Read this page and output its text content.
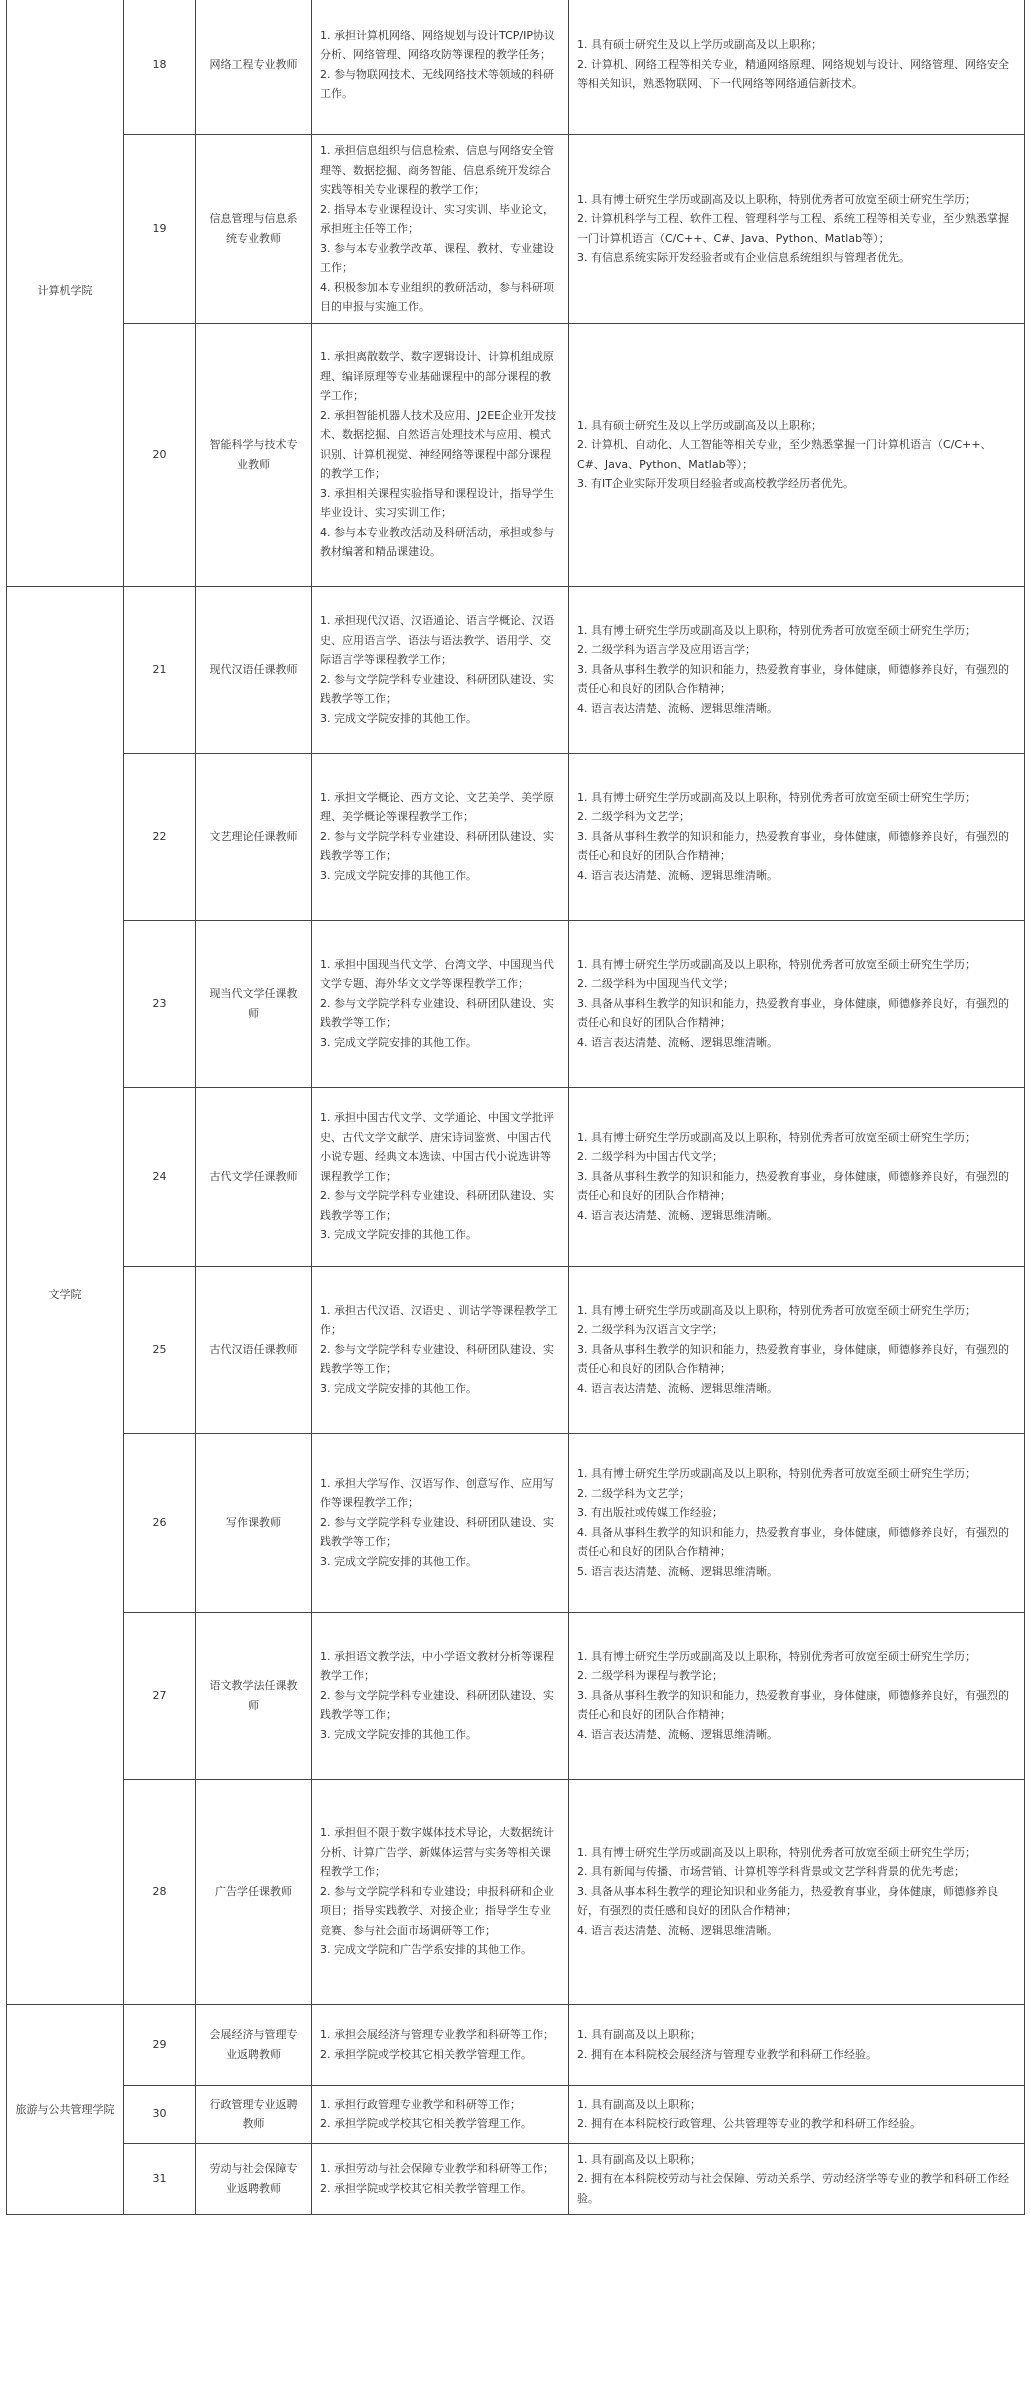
计算机学院	18	网络工程专业教师	1. 承担计算机网络、网络规划与设计TCP/IP协议分析、网络管理、网络攻防等课程的教学任务；
2. 参与物联网技术、无线网络技术等领域的科研工作。	1. 具有硕士研究生及以上学历或副高及以上职称；
2. 计算机、网络工程等相关专业，精通网络原理、网络规划与设计、网络管理、网络安全等相关知识，熟悉物联网、下一代网络等网络通信新技术。

	19	信息管理与信息系统专业教师	1. 承担信息组织与信息检索、信息与网络安全管理等、数据挖掘、商务智能、信息系统开发综合实践等相关专业课程的教学工作；
2. 指导本专业课程设计、实习实训、毕业论文，承担班主任等工作；
3. 参与本专业教学改革、课程、教材、专业建设工作；
4. 积极参加本专业组织的教研活动，参与科研项目的申报与实施工作。	1. 具有博士研究生学历或副高及以上职称，特别优秀者可放宽至硕士研究生学历；
2. 计算机科学与工程、软件工程、管理科学与工程、系统工程等相关专业，至少熟悉掌握一门计算机语言（C/C++、C#、Java、Python、Matlab等）；
3. 有信息系统实际开发经验者或有企业信息系统组织与管理者优先。

	20	智能科学与技术专业教师	1. 承担离散数学、数字逻辑设计、计算机组成原理、编译原理等专业基础课程中的部分课程的教学工作；
2. 承担智能机器人技术及应用、J2EE企业开发技术、数据挖掘、自然语言处理技术与应用、模式识别、计算机视觉、神经网络等课程中部分课程的教学工作；
3. 承担相关课程实验指导和课程设计，指导学生毕业设计、实习实训工作；
4. 参与本专业教改活动及科研活动，承担或参与教材编著和精品课建设。	1. 具有硕士研究生及以上学历或副高及以上职称；
2. 计算机、自动化、人工智能等相关专业，至少熟悉掌握一门计算机语言（C/C++、C#、Java、Python、Matlab等）；
3. 有IT企业实际开发项目经验者或高校教学经历者优先。

文学院	21	现代汉语任课教师	1. 承担现代汉语、汉语通论、语言学概论、汉语史、应用语言学、语法与语法教学、语用学、交际语言学等课程教学工作；
2. 参与文学院学科专业建设、科研团队建设、实践教学等工作；
3. 完成文学院安排的其他工作。	1. 具有博士研究生学历或副高及以上职称，特别优秀者可放宽至硕士研究生学历；
2. 二级学科为语言学及应用语言学；
3. 具备从事科生教学的知识和能力，热爱教育事业，身体健康，师德修养良好，有强烈的责任心和良好的团队合作精神；
4. 语言表达清楚、流畅、逻辑思维清晰。

	22	文艺理论任课教师	1. 承担文学概论、西方文论、文艺美学、美学原理、美学概论等课程教学工作；
2. 参与文学院学科专业建设、科研团队建设、实践教学等工作；
3. 完成文学院安排的其他工作。	1. 具有博士研究生学历或副高及以上职称，特别优秀者可放宽至硕士研究生学历；
2. 二级学科为文艺学；
3. 具备从事科生教学的知识和能力，热爱教育事业，身体健康，师德修养良好，有强烈的责任心和良好的团队合作精神；
4. 语言表达清楚、流畅、逻辑思维清晰。

	23	现当代文学任课教师	1. 承担中国现当代文学、台湾文学、中国现当代文学专题、海外华文文学等课程教学工作；
2. 参与文学院学科专业建设、科研团队建设、实践教学等工作；
3. 完成文学院安排的其他工作。	1. 具有博士研究生学历或副高及以上职称，特别优秀者可放宽至硕士研究生学历；
2. 二级学科为中国现当代文学；
3. 具备从事科生教学的知识和能力，热爱教育事业，身体健康，师德修养良好，有强烈的责任心和良好的团队合作精神；
4. 语言表达清楚、流畅、逻辑思维清晰。

	24	古代文学任课教师	1. 承担中国古代文学、文学通论、中国文学批评史、古代文学文献学、唐宋诗词鉴赏、中国古代小说专题、经典文本选读、中国古代小说选讲等课程教学工作；
2. 参与文学院学科专业建设、科研团队建设、实践教学等工作；
3. 完成文学院安排的其他工作。	1. 具有博士研究生学历或副高及以上职称，特别优秀者可放宽至硕士研究生学历；
2. 二级学科为中国古代文学；
3. 具备从事科生教学的知识和能力，热爱教育事业，身体健康，师德修养良好，有强烈的责任心和良好的团队合作精神；
4. 语言表达清楚、流畅、逻辑思维清晰。

	25	古代汉语任课教师	1. 承担古代汉语、汉语史 、训诂学等课程教学工作；
2. 参与文学院学科专业建设、科研团队建设、实践教学等工作；
3. 完成文学院安排的其他工作。	1. 具有博士研究生学历或副高及以上职称，特别优秀者可放宽至硕士研究生学历；
2. 二级学科为汉语言文字学；
3. 具备从事科生教学的知识和能力，热爱教育事业，身体健康，师德修养良好，有强烈的责任心和良好的团队合作精神；
4. 语言表达清楚、流畅、逻辑思维清晰。

	26	写作课教师	1. 承担大学写作、汉语写作、创意写作、应用写作等课程教学工作；
2. 参与文学院学科专业建设、科研团队建设、实践教学等工作；
3. 完成文学院安排的其他工作。	1. 具有博士研究生学历或副高及以上职称，特别优秀者可放宽至硕士研究生学历；
2. 二级学科为文艺学；
3. 有出版社或传媒工作经验；
4. 具备从事科生教学的知识和能力，热爱教育事业，身体健康，师德修养良好，有强烈的责任心和良好的团队合作精神；
5. 语言表达清楚、流畅、逻辑思维清晰。

	27	语文教学法任课教师	1. 承担语文教学法，中小学语文教材分析等课程教学工作；
2. 参与文学院学科专业建设、科研团队建设、实践教学等工作；
3. 完成文学院安排的其他工作。	1. 具有博士研究生学历或副高及以上职称，特别优秀者可放宽至硕士研究生学历；
2. 二级学科为课程与教学论；
3. 具备从事科生教学的知识和能力，热爱教育事业，身体健康，师德修养良好，有强烈的责任心和良好的团队合作精神；
4. 语言表达清楚、流畅、逻辑思维清晰。

	28	广告学任课教师	1. 承担但不限于数字媒体技术导论，大数据统计分析、计算广告学、新媒体运营与实务等相关课程教学工作；
2. 参与文学院学科和专业建设；申报科研和企业项目；指导实践教学、对接企业；指导学生专业竞赛、参与社会面市场调研等工作；
3. 完成文学院和广告学系安排的其他工作。	1. 具有博士研究生学历或副高及以上职称，特别优秀者可放宽至硕士研究生学历；
2. 具有新闻与传播、市场营销、计算机等学科背景或文艺学科背景的优先考虑；
3. 具备从事本科生教学的理论知识和业务能力，热爱教育事业，身体健康，师德修养良好，有强烈的责任感和良好的团队合作精神；
4. 语言表达清楚、流畅、逻辑思维清晰。

旅游与公共管理学院	29	会展经济与管理专业返聘教师	1. 承担会展经济与管理专业教学和科研等工作；
2. 承担学院或学校其它相关教学管理工作。	1. 具有副高及以上职称；
2. 拥有在本科院校会展经济与管理专业教学和科研工作经验。

	30	行政管理专业返聘教师	1. 承担行政管理专业教学和科研等工作；
2. 承担学院或学校其它相关教学管理工作。	1. 具有副高及以上职称；
2. 拥有在本科院校行政管理、公共管理等专业的教学和科研工作经验。

	31	劳动与社会保障专业返聘教师	1. 承担劳动与社会保障专业教学和科研等工作；
2. 承担学院或学校其它相关教学管理工作。	1. 具有副高及以上职称；
2. 拥有在本科院校劳动与社会保障、劳动关系学、劳动经济学等专业的教学和科研工作经验。
